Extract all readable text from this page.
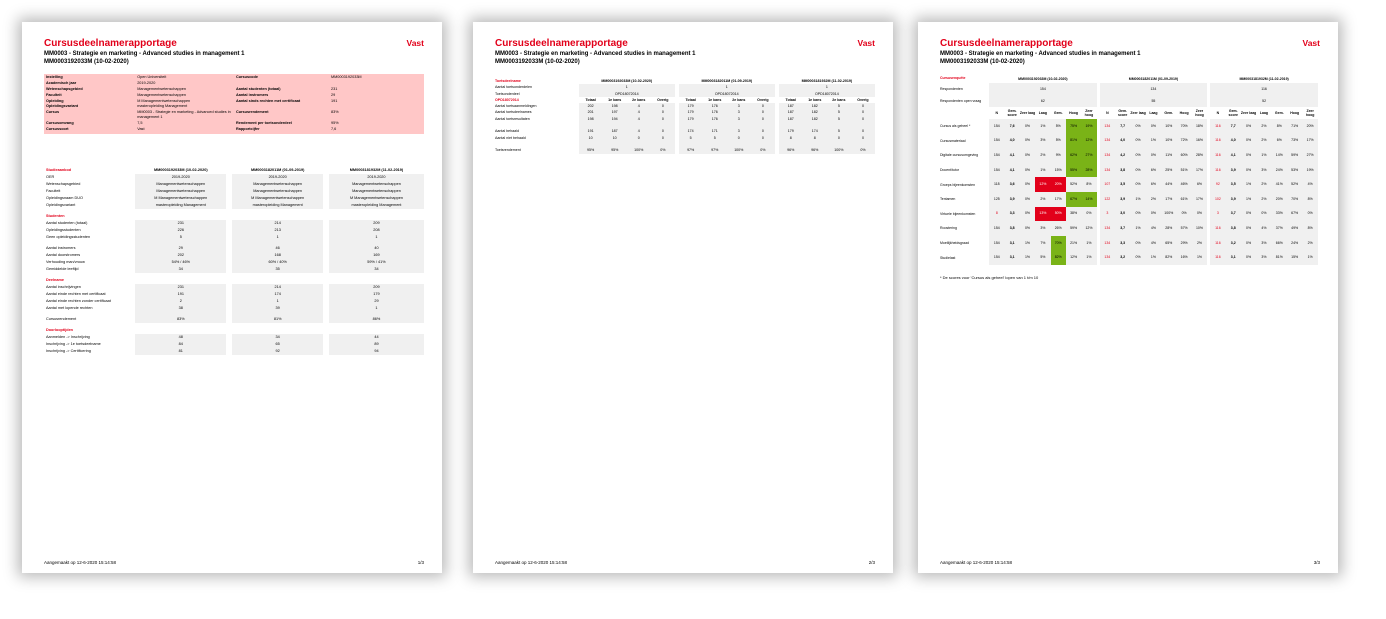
Cursusdeelnamerapportage	Vast
MM0003 - Strategie en marketing - Advanced studies in management 1
MM0003192033M (10-02-2020)
Instelling	Open Universiteit	Cursuscode	MM0003192033M
Academisch jaar	2019-2020		
Wetenschapsgebied	Managementwetenschappen	Aantal studenten (totaal)	231
Faculteit	Managementwetenschappen	Aantal instromers	29
Opleiding	M Managementwetenschappen	Aantal sinds rechten met certificaat	191
Opleidingsvariant	masteropleiding Management		
Cursus	MM0003 - Strategie en marketing - Advanced studies in management 1	Cursusrendement	83%
Cursusomvang	7,5	Rendement per toetsonderdeel	95%
Cursussoort	Vast	Rapportcijfer	7,6
Studieaanbod	MM0003192033M (10-02-2020)		MM0003182011M (01-09-2019)		MM0003181932M (11-02-2019)
OER	2019-2020		2019-2020		2019-2020
Wetenschapsgebied	Managementwetenschappen		Managementwetenschappen		Managementwetenschappen
Faculteit	Managementwetenschappen		Managementwetenschappen		Managementwetenschappen
Opleidingsnaam DUO	M Managementwetenschappen		M Managementwetenschappen		M Managementwetenschappen
Opleidingsvariant	masteropleiding Management		masteropleiding Management		masteropleiding Management

Studenten					
Aantal studenten (totaal)	231		214		209
Opleidingsstudenten	226		213		208
Geen opleidingsstudenten	5		1		1

Aantal instromers	29		46		40
Aantal doorstromers	202		168		169
Verhouding man/vrouw	54% / 46%		60% / 40%		59% / 41%
Gemiddelde leeftijd	34		35		34

Deelname					
Aantal inschrijvingen	231		214		209
Aantal einde rechten met certificaat	191		174		179
Aantal einde rechten zonder certificaat	2		1		29
Aantal met lopende rechten	38		39		1

Cursusrendement	83%		81%		86%

Doorlooptijden					
Aanmelden -> Inschrijving	48		34		44
Inschrijving -> 1e toetsdeelname	84		65		89
Inschrijving -> Certificering	81		92		94

Aangemaakt op 12-6-2020 15:14:58	1/3
Cursusdeelnamerapportage	Vast
MM0003 - Strategie en marketing - Advanced studies in management 1
MM0003192033M (10-02-2020)
Toetsdeelname	MM0003192033M (10-02-2020)					MM0003182011M (01-09-2019)					MM0003181932M (11-02-2019)			
Aantal toetsonderdelen	1					1					1			
Toetsonderdeel	OPD18072014					OPD18072014					OPD18072014			
OPD18072014	Totaal	1e kans	2e kans	Overig		Totaal	1e kans	2e kans	Overig		Totaal	1e kans	2e kans	Overig
Aantal toetsaanmeldingen	202	198	4	0		179	176	3	0		187	182	5	0
Aantal toetsdeelnames	201	197	4	0		179	176	3	0		187	182	5	0
Aantal toetsresultaten	198	194	4	0		179	176	3	0		187	182	5	0

Aantal behaald	191	187	4	0		174	171	3	0		179	174	5	0
Aantal niet behaald	10	10	0	0		5	5	0	0		8	8	0	0

Toetsrendement	95%	95%	100%	0%		97%	97%	100%	0%		96%	96%	100%	0%
Aangemaakt op 12-6-2020 15:14:58	2/3
Cursusdeelnamerapportage	Vast
MM0003 - Strategie en marketing - Advanced studies in management 1
MM0003192033M (10-02-2020)
Cursusenquête	MM0003192033M (10-02-2020)								MM0003182011M (01-09-2019)								MM0003181932M (11-02-2019)						
Respondenten	154								134								116						
Respondenten open vraag	62								55								52						
	N	Gem. score	Zeer laag	Laag	Gem.	Hoog	Zeer hoog		N	Gem. score	Zeer laag	Laag	Gem.	Hoog	Zeer hoog		N	Gem. score	Zeer laag	Laag	Gem.	Hoog	Zeer hoog
Cursus als geheel *	154	7,6	0%	1%	5%	75%	19%		134	7,7	0%	0%	10%	70%	18%		116	7,7	0%	2%	8%	71%	20%
Cursusmateriaal	154	4,0	0%	3%	5%	81%	12%		134	4,0	0%	1%	10%	72%	16%		116	4,0	0%	2%	6%	73%	17%
Digitale cursusomgeving	154	4,1	0%	2%	9%	62%	27%		134	4,2	0%	0%	11%	60%	28%		116	4,1	0%	1%	14%	59%	27%
Docent/tutor	154	4,1	0%	1%	15%	55%	28%		134	3,8	0%	6%	25%	51%	17%		116	3,9	0%	3%	24%	53%	19%
Groeps bijeenkomsten	118	3,6	0%	12%	20%	52%	8%		107	3,5	0%	6%	44%	46%	6%		92	3,5	1%	2%	41%	52%	4%
Tentamen	125	3,9	0%	2%	17%	67%	14%		122	3,9	1%	2%	17%	61%	17%		102	3,9	1%	2%	20%	70%	8%
Virtuele bijeenkomsten	8	3,3	0%	13%	50%	38%	0%		3	3,0	0%	0%	100%	0%	0%		3	3,7	0%	0%	33%	67%	0%
Roostering	154	3,8	0%	3%	26%	59%	12%		134	3,7	1%	4%	28%	57%	10%		116	3,8	0%	4%	37%	49%	8%
Moeilijkheidsgraad	154	3,1	1%	7%	70%	21%	1%		134	3,3	0%	4%	65%	29%	2%		116	3,2	0%	3%	66%	24%	2%
Studielast	154	3,1	1%	5%	82%	12%	1%		134	3,2	0%	1%	82%	16%	1%		116	3,1	0%	3%	81%	15%	1%
* De scores voor 'Cursus als geheel' lopen van 1 t/m 10
Aangemaakt op 12-6-2020 15:14:58	3/3
